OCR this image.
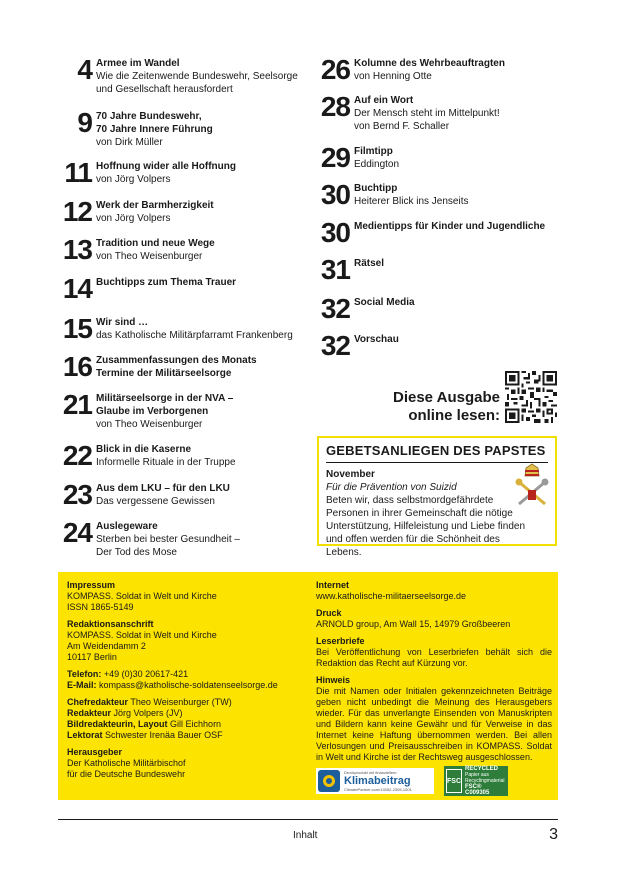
4 Armee im Wandel
Wie die Zeitenwende Bundeswehr, Seelsorge
und Gesellschaft herausfordert
9 70 Jahre Bundeswehr,
70 Jahre Innere Führung
von Dirk Müller
11 Hoffnung wider alle Hoffnung
von Jörg Volpers
12 Werk der Barmherzigkeit
von Jörg Volpers
13 Tradition und neue Wege
von Theo Weisenburger
14 Buchtipps zum Thema Trauer
15 Wir sind …
das Katholische Militärpfarramt Frankenberg
16 Zusammenfassungen des Monats
Termine der Militärseelsorge
21 Militärseelsorge in der NVA –
Glaube im Verborgenen
von Theo Weisenburger
22 Blick in die Kaserne
Informelle Rituale in der Truppe
23 Aus dem LKU – für den LKU
Das vergessene Gewissen
24 Auslegeware
Sterben bei bester Gesundheit –
Der Tod des Mose
26 Kolumne des Wehrbeauftragten
von Henning Otte
28 Auf ein Wort
Der Mensch steht im Mittelpunkt!
von Bernd F. Schaller
29 Filmtipp
Eddington
30 Buchtipp
Heiterer Blick ins Jenseits
30 Medientipps für Kinder und Jugendliche
31 Rätsel
32 Social Media
32 Vorschau
Diese Ausgabe
online lesen:
GEBETSANLIEGEN DES PAPSTES
November
Für die Prävention von Suizid
Beten wir, dass selbstmordgefährdete Personen in ihrer Gemeinschaft die nötige Unterstützung, Hilfeleistung und Liebe finden und offen werden für die Schönheit des Lebens.
Impressum
KOMPASS. Soldat in Welt und Kirche
ISSN 1865-5149
Redaktionsanschrift
KOMPASS. Soldat in Welt und Kirche
Am Weidendamm 2
10117 Berlin
Telefon: +49 (0)30 20617-421
E-Mail: kompass@katholische-soldatenseelsorge.de
Chefredakteur Theo Weisenburger (TW)
Redakteur Jörg Volpers (JV)
Bildredakteurin, Layout Gill Eichhorn
Lektorat Schwester Irenäa Bauer OSF
Herausgeber
Der Katholische Militärbischof
für die Deutsche Bundeswehr
Internet
www.katholische-militaerseelsorge.de
Druck
ARNOLD group, Am Wall 15, 14979 Großbeeren
Leserbriefe
Bei Veröffentlichung von Leserbriefen behält sich die Redaktion das Recht auf Kürzung vor.
Hinweis
Die mit Namen oder Initialen gekennzeichneten Beiträge geben nicht unbedingt die Meinung des Herausgebers wieder. Für das unverlangte Einsenden von Manuskripten und Bildern kann keine Gewähr und für Verweise in das Internet keine Haftung übernommen werden. Bei allen Verlosungen und Preisausschreiben in KOMPASS. Soldat in Welt und Kirche ist der Rechtsweg ausgeschlossen.
Druckprodukt mit finanziellem
Klimabeitrag
ClimatePartner.com/14052-2305-1001
FSC
RECYCLED
Papier aus Recyclingmaterial
FSC® C009305
Inhalt	3
